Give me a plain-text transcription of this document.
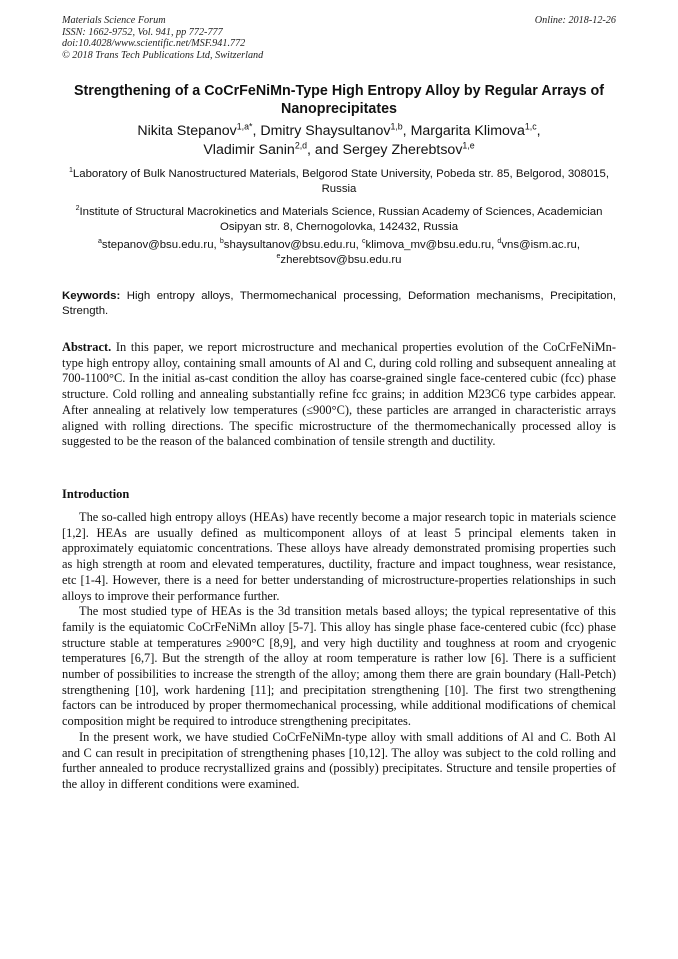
Materials Science Forum
ISSN: 1662-9752, Vol. 941, pp 772-777
doi:10.4028/www.scientific.net/MSF.941.772
© 2018 Trans Tech Publications Ltd, Switzerland
Online: 2018-12-26
Strengthening of a CoCrFeNiMn-Type High Entropy Alloy by Regular Arrays of Nanoprecipitates
Nikita Stepanov$^{1,a*}$, Dmitry Shaysultanov$^{1,b}$, Margarita Klimova$^{1,c}$,
Vladimir Sanin$^{2,d}$, and Sergey Zherebtsov$^{1,e}$
$^1$Laboratory of Bulk Nanostructured Materials, Belgorod State University, Pobeda str. 85, Belgorod, 308015, Russia
$^2$Institute of Structural Macrokinetics and Materials Science, Russian Academy of Sciences, Academician Osipyan str. 8, Chernogolovka, 142432, Russia
$^a$stepanov@bsu.edu.ru, $^b$shaysultanov@bsu.edu.ru, $^c$klimova_mv@bsu.edu.ru, $^d$vns@ism.ac.ru,
$^e$zherebtsov@bsu.edu.ru
Keywords: High entropy alloys, Thermomechanical processing, Deformation mechanisms, Precipitation, Strength.
Abstract. In this paper, we report microstructure and mechanical properties evolution of the CoCrFeNiMn-type high entropy alloy, containing small amounts of Al and C, during cold rolling and subsequent annealing at 700-1100°C. In the initial as-cast condition the alloy has coarse-grained single face-centered cubic (fcc) phase structure. Cold rolling and annealing substantially refine fcc grains; in addition M23C6 type carbides appear. After annealing at relatively low temperatures (≤900°C), these particles are arranged in characteristic arrays aligned with rolling directions. The specific microstructure of the thermomechanically processed alloy is suggested to be the reason of the balanced combination of tensile strength and ductility.
Introduction

The so-called high entropy alloys (HEAs) have recently become a major research topic in materials science [1,2]. HEAs are usually defined as multicomponent alloys of at least 5 principal elements taken in approximately equiatomic concentrations. These alloys have already demonstrated promising properties such as high strength at room and elevated temperatures, ductility, fracture and impact toughness, wear resistance, etc [1-4]. However, there is a need for better understanding of microstructure-properties relationships in such alloys to improve their performance further.

The most studied type of HEAs is the 3d transition metals based alloys; the typical representative of this family is the equiatomic CoCrFeNiMn alloy [5-7]. This alloy has single phase face-centered cubic (fcc) phase structure stable at temperatures ≥900°C [8,9], and very high ductility and toughness at room and cryogenic temperatures [6,7]. But the strength of the alloy at room temperature is rather low [6]. There is a sufficient number of possibilities to increase the strength of the alloy; among them there are grain boundary (Hall-Petch) strengthening [10], work hardening [11]; and precipitation strengthening [10]. The first two strengthening factors can be introduced by proper thermomechanical processing, while additional modifications of chemical composition might be required to introduce strengthening precipitates.

In the present work, we have studied CoCrFeNiMn-type alloy with small additions of Al and C. Both Al and C can result in precipitation of strengthening phases [10,12]. The alloy was subject to the cold rolling and further annealed to produce recrystallized grains and (possibly) precipitates. Structure and tensile properties of the alloy in different conditions were examined.
